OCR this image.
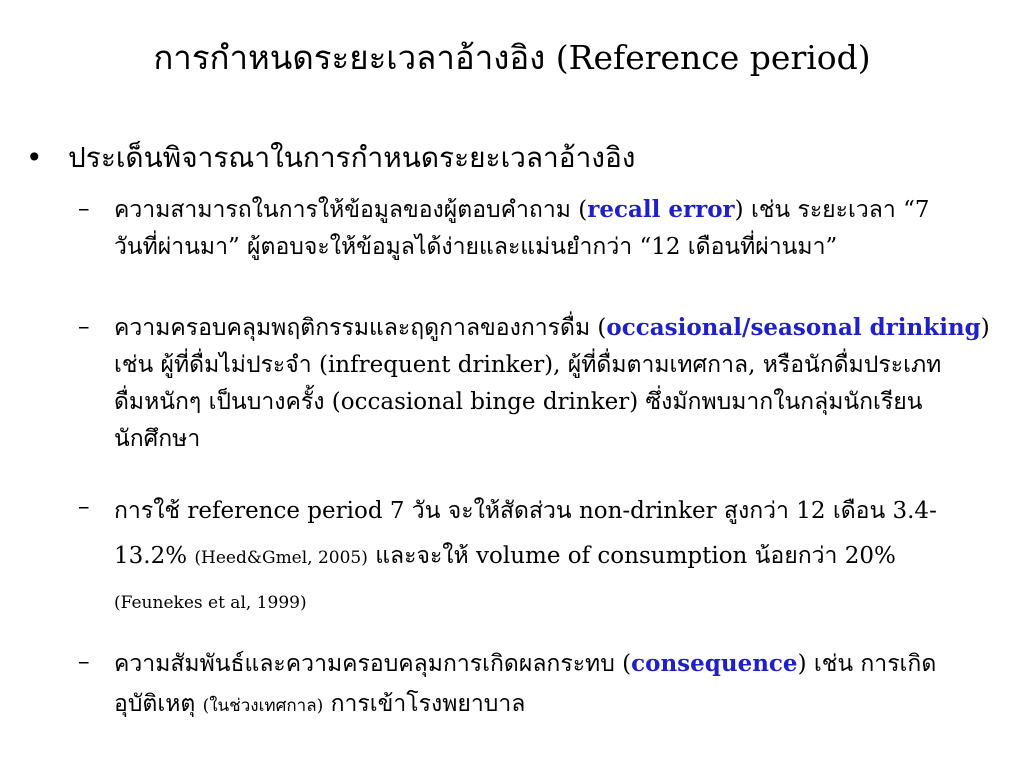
การกำหนดระยะเวลาอ้างอิง (Reference period)
• ประเด็นพิจารณาในการกำหนดระยะเวลาอ้างอิง
– ความสามารถในการให้ข้อมูลของผู้ตอบคำถาม (recall error) เช่น ระยะเวลา “7
วันที่ผ่านมา” ผู้ตอบจะให้ข้อมูลได้ง่ายและแม่นยำกว่า “12 เดือนที่ผ่านมา”
– ความครอบคลุมพฤติกรรมและฤดูกาลของการดื่ม (occasional/seasonal drinking)
เช่น ผู้ที่ดื่มไม่ประจำ (infrequent drinker), ผู้ที่ดื่มตามเทศกาล, หรือนักดื่มประเภท
ดื่มหนักๆ เป็นบางครั้ง (occasional binge drinker) ซึ่งมักพบมากในกลุ่มนักเรียน
นักศึกษา
– การใช้ reference period 7 วัน จะให้สัดส่วน non-drinker สูงกว่า 12 เดือน 3.4-
13.2% (Heed&Gmel, 2005) และจะให้ volume of consumption น้อยกว่า 20%
(Feunekes et al, 1999)
– ความสัมพันธ์และความครอบคลุมการเกิดผลกระทบ (consequence) เช่น การเกิด
อุบัติเหตุ (ในช่วงเทศกาล) การเข้าโรงพยาบาล
